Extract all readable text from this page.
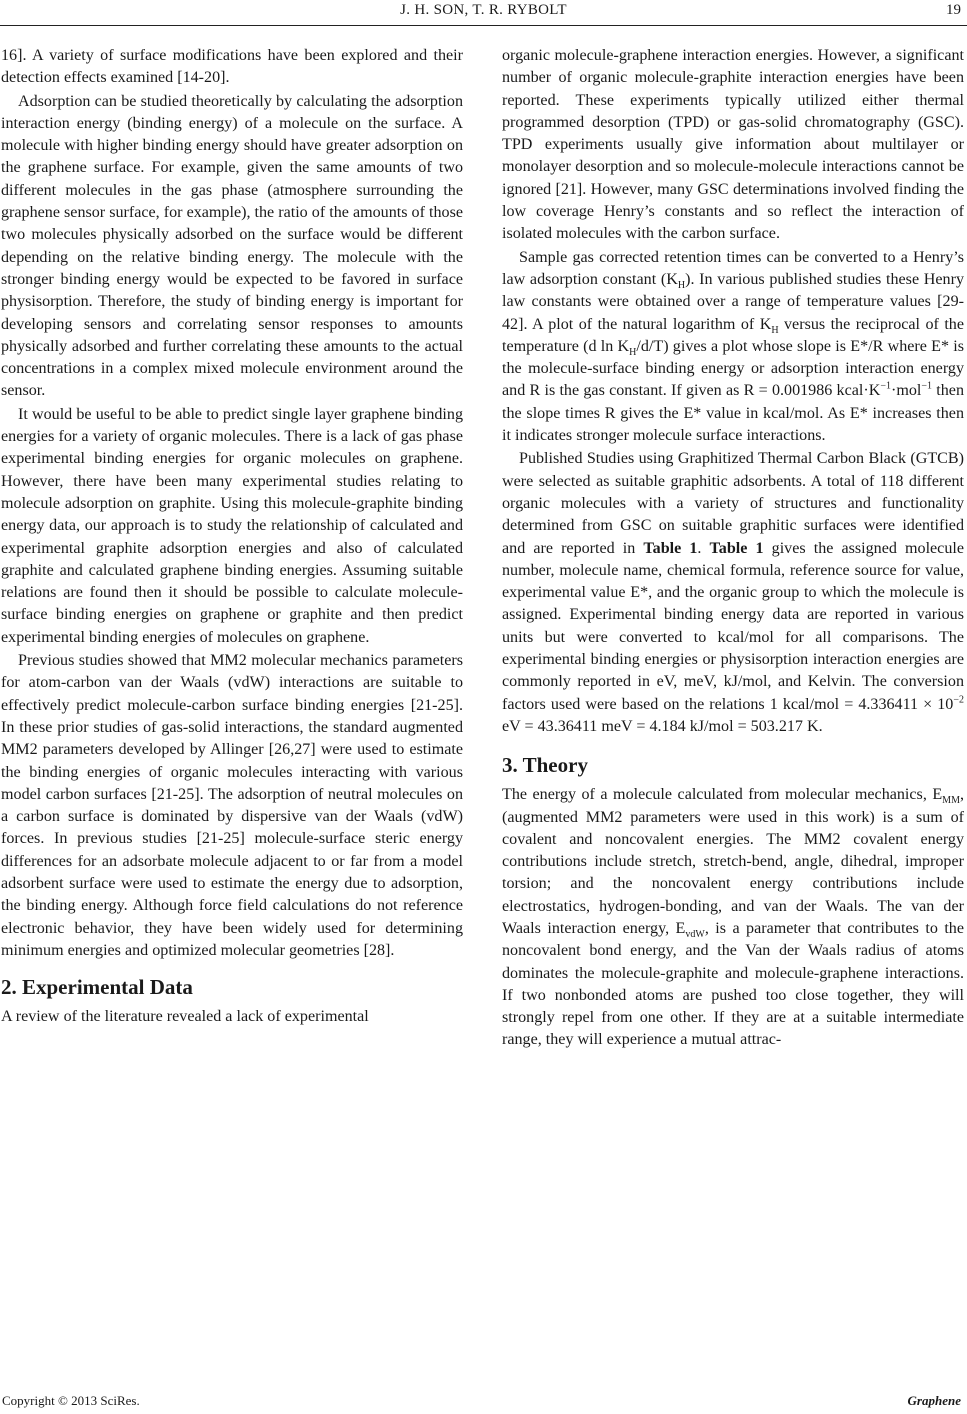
J. H. SON, T. R. RYBOLT	19

16]. A variety of surface modifications have been explored and their detection effects examined [14-20].

Adsorption can be studied theoretically by calculating the adsorption interaction energy (binding energy) of a molecule on the surface. A molecule with higher binding energy should have greater adsorption on the graphene surface. For example, given the same amounts of two different molecules in the gas phase (atmosphere surrounding the graphene sensor surface, for example), the ratio of the amounts of those two molecules physically adsorbed on the surface would be different depending on the relative binding energy. The molecule with the stronger binding energy would be expected to be favored in surface physisorption. Therefore, the study of binding energy is important for developing sensors and correlating sensor responses to amounts physically adsorbed and further correlating these amounts to the actual concentrations in a complex mixed molecule environment around the sensor.

It would be useful to be able to predict single layer graphene binding energies for a variety of organic molecules. There is a lack of gas phase experimental binding energies for organic molecules on graphene. However, there have been many experimental studies relating to molecule adsorption on graphite. Using this molecule-graphite binding energy data, our approach is to study the relationship of calculated and experimental graphite adsorption energies and also of calculated graphite and calculated graphene binding energies. Assuming suitable relations are found then it should be possible to calculate molecule-surface binding energies on graphene or graphite and then predict experimental binding energies of molecules on graphene.

Previous studies showed that MM2 molecular mechanics parameters for atom-carbon van der Waals (vdW) interactions are suitable to effectively predict molecule-carbon surface binding energies [21-25]. In these prior studies of gas-solid interactions, the standard augmented MM2 parameters developed by Allinger [26,27] were used to estimate the binding energies of organic molecules interacting with various model carbon surfaces [21-25]. The adsorption of neutral molecules on a carbon surface is dominated by dispersive van der Waals (vdW) forces. In previous studies [21-25] molecule-surface steric energy differences for an adsorbate molecule adjacent to or far from a model adsorbent surface were used to estimate the energy due to adsorption, the binding energy. Although force field calculations do not reference electronic behavior, they have been widely used for determining minimum energies and optimized molecular geometries [28].

2. Experimental Data

A review of the literature revealed a lack of experimental

organic molecule-graphene interaction energies. However, a significant number of organic molecule-graphite interaction energies have been reported. These experiments typically utilized either thermal programmed desorption (TPD) or gas-solid chromatography (GSC). TPD experiments usually give information about multilayer or monolayer desorption and so molecule-molecule interactions cannot be ignored [21]. However, many GSC determinations involved finding the low coverage Henry’s constants and so reflect the interaction of isolated molecules with the carbon surface.

Sample gas corrected retention times can be converted to a Henry’s law adsorption constant $(K_H)$. In various published studies these Henry law constants were obtained over a range of temperature values [29-42]. A plot of the natural logarithm of $K_H$ versus the reciprocal of the temperature (d $\ln K_H/d/T$) gives a plot whose slope is E*/R where E* is the molecule-surface binding energy or adsorption interaction energy and R is the gas constant. If given as R = 0.001986 $kcal\cdot K^{-1}\cdot mol^{-1}$ then the slope times R gives the E* value in kcal/mol. As E* increases then it indicates stronger molecule surface interactions.

Published Studies using Graphitized Thermal Carbon Black (GTCB) were selected as suitable graphitic adsorbents. A total of 118 different organic molecules with a variety of structures and functionality determined from GSC on suitable graphitic surfaces were identified and are reported in Table 1. Table 1 gives the assigned molecule number, molecule name, chemical formula, reference source for value, experimental value E*, and the organic group to which the molecule is assigned. Experimental binding energy data are reported in various units but were converted to kcal/mol for all comparisons. The experimental binding energies or physisorption interaction energies are commonly reported in eV, meV, kJ/mol, and Kelvin. The conversion factors used were based on the relations 1 kcal/mol = $4.336411 \times 10^{-2}$ eV = 43.36411 meV = 4.184 kJ/mol = 503.217 K.

3. Theory

The energy of a molecule calculated from molecular mechanics, $E_{MM}$, (augmented MM2 parameters were used in this work) is a sum of covalent and noncovalent energies. The MM2 covalent energy contributions include stretch, stretch-bend, angle, dihedral, improper torsion; and the noncovalent energy contributions include electrostatics, hydrogen-bonding, and van der Waals. The van der Waals interaction energy, $E_{vdW}$, is a parameter that contributes to the noncovalent bond energy, and the Van der Waals radius of atoms dominates the molecule-graphite and molecule-graphene interactions. If two nonbonded atoms are pushed too close together, they will strongly repel from one other. If they are at a suitable intermediate range, they will experience a mutual attrac-

Copyright © 2013 SciRes.	Graphene
